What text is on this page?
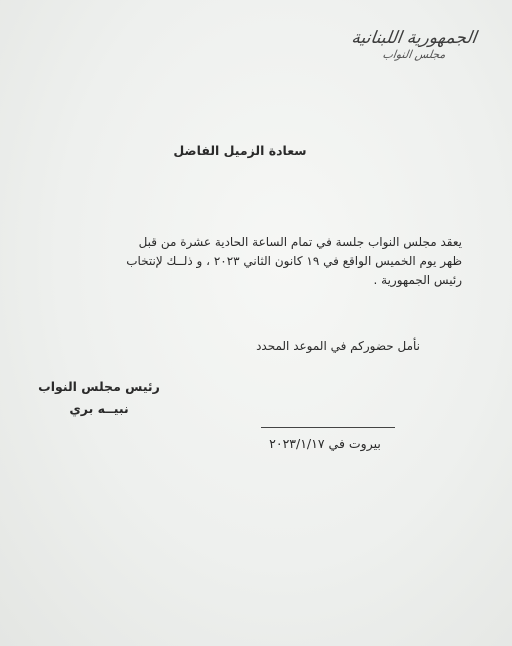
الجمهورية اللبنانية
مجلس النواب
سعادة الزميل الفاضل

يعقد مجلس النواب جلسة في تمام الساعة الحادية عشرة من قبل

ظهر يوم الخميس الواقع في ١٩ كانون الثاني ٢٠٢٣ ، و ذلــك لإنتخاب

رئيس الجمهورية .

نأمل حضوركم في الموعد المحدد
رئيس مجلس النواب
نبيــه بري
بيروت في ٢٠٢٣/١/١٧
